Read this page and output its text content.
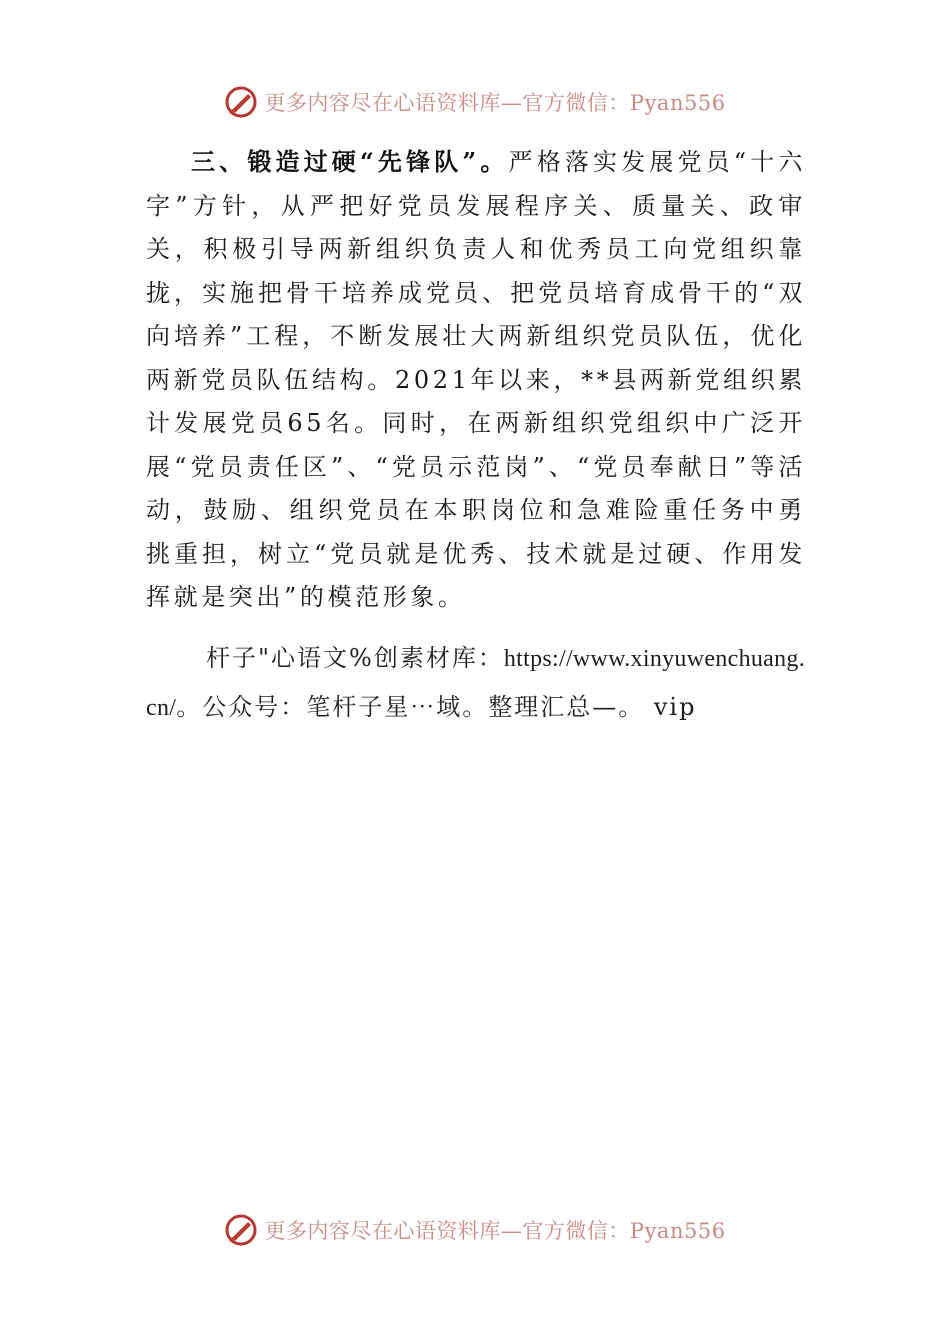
更多内容尽在心语资料库—官方微信：Pyan556

三、锻造过硬“先锋队”。严格落实发展党员“十六字”方针，从严把好党员发展程序关、质量关、政审关，积极引导两新组织负责人和优秀员工向党组织靠拢，实施把骨干培养成党员、把党员培育成骨干的“双向培养”工程，不断发展壮大两新组织党员队伍，优化两新党员队伍结构。2021年以来，**县两新党组织累计发展党员65名。同时，在两新组织党组织中广泛开展“党员责任区”、“党员示范岗”、“党员奉献日”等活动，鼓励、组织党员在本职岗位和急难险重任务中勇挑重担，树立“党员就是优秀、技术就是过硬、作用发挥就是突出”的模范形象。

杆子"心语文%创素材库：https://www.xinyuwenchuang.cn/。公众号：笔杆子星⋯域。整理汇总—。 vip

更多内容尽在心语资料库—官方微信：Pyan556
